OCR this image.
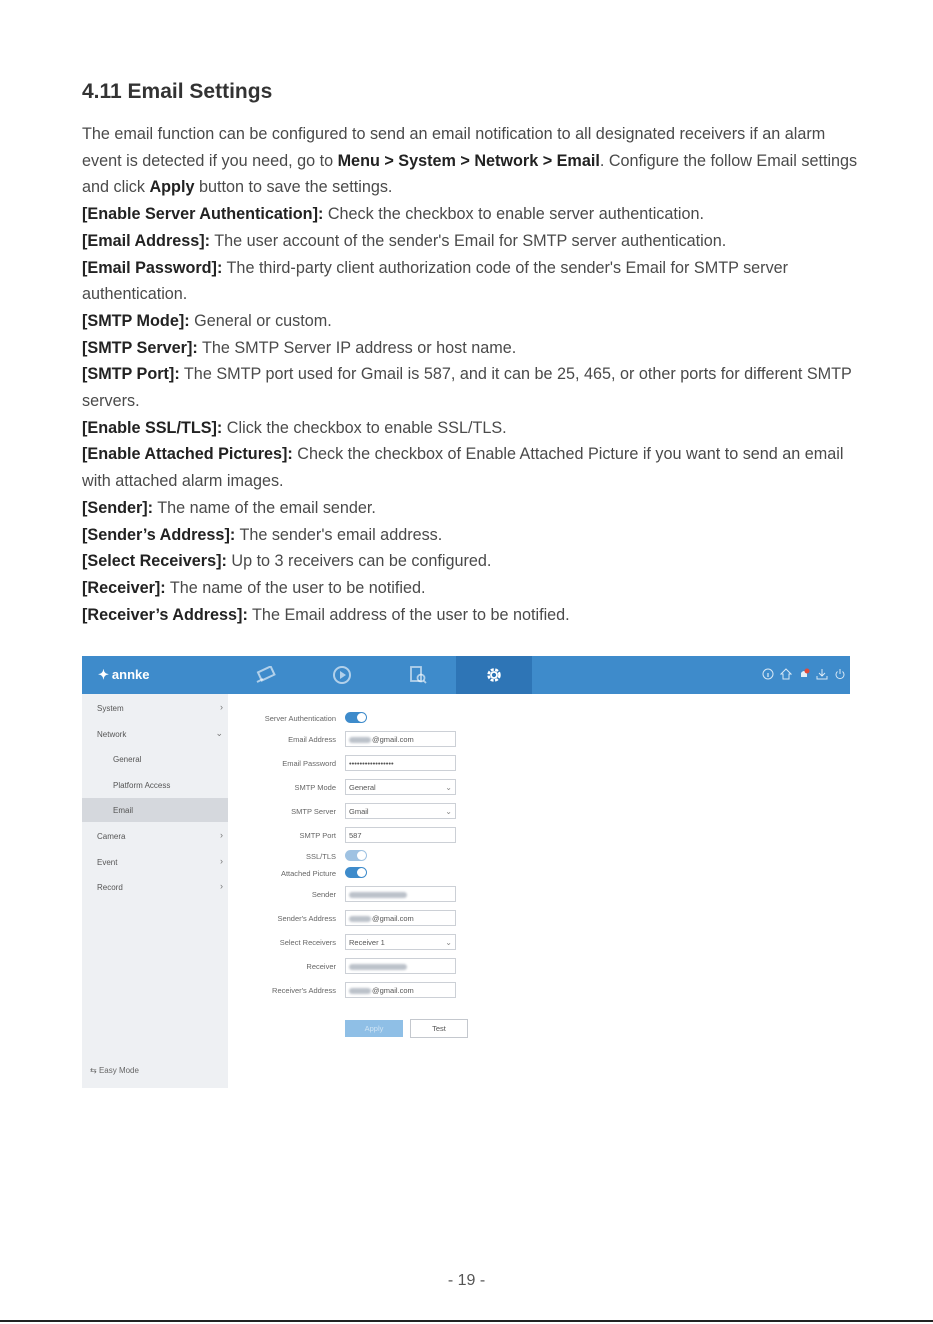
4.11 Email Settings

The email function can be configured to send an email notification to all designated receivers if an alarm event is detected if you need, go to Menu > System > Network > Email. Configure the follow Email settings and click Apply button to save the settings.

[Enable Server Authentication]: Check the checkbox to enable server authentication.

[Email Address]: The user account of the sender's Email for SMTP server authentication.

[Email Password]: The third-party client authorization code of the sender's Email for SMTP server authentication.

[SMTP Mode]: General or custom.

[SMTP Server]: The SMTP Server IP address or host name.

[SMTP Port]: The SMTP port used for Gmail is 587, and it can be 25, 465, or other ports for different SMTP servers.

[Enable SSL/TLS]: Click the checkbox to enable SSL/TLS.

[Enable Attached Pictures]: Check the checkbox of Enable Attached Picture if you want to send an email with attached alarm images.

[Sender]: The name of the email sender.

[Sender’s Address]: The sender's email address.

[Select Receivers]: Up to 3 receivers can be configured.

[Receiver]: The name of the user to be notified.

[Receiver’s Address]: The Email address of the user to be notified.

✦ annke
System	›
Network	⌄
General
Platform Access
Email
Camera	›
Event	›
Record	›
⇆ Easy Mode
Server Authentication
Email Address	@gmail.com
Email Password	•••••••••••••••••
SMTP Mode	General	⌄
SMTP Server	Gmail	⌄
SMTP Port	587
SSL/TLS
Attached Picture
Sender
Sender's Address	@gmail.com
Select Receivers	Receiver 1	⌄
Receiver
Receiver's Address	@gmail.com
Apply	Test
- 19 -
